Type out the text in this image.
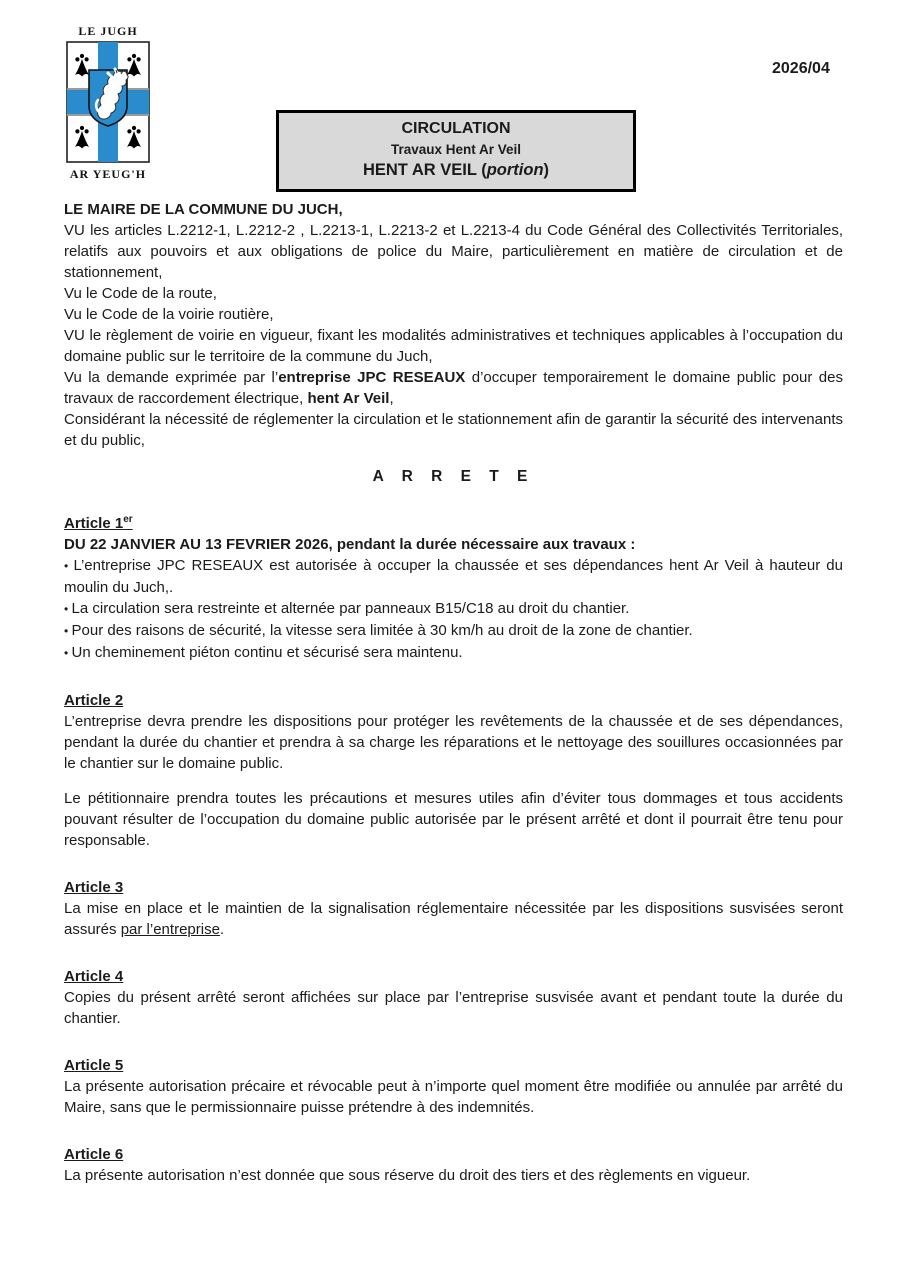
LE JUGH
AR YEUG'H
2026/04
CIRCULATION
Travaux Hent Ar Veil
HENT AR VEIL (portion)

LE MAIRE DE LA COMMUNE DU JUCH,

VU les articles L.2212-1, L.2212-2 , L.2213-1, L.2213-2 et L.2213-4 du Code Général des Collectivités Territoriales, relatifs aux pouvoirs et aux obligations de police du Maire, particulièrement en matière de circulation et de stationnement,

Vu le Code de la route,

Vu le Code de la voirie routière,

VU le règlement de voirie en vigueur, fixant les modalités administratives et techniques applicables à l’occupation du domaine public sur le territoire de la commune du Juch,

Vu la demande exprimée par l’entreprise JPC RESEAUX d’occuper temporairement le domaine public pour des travaux de raccordement électrique, hent Ar Veil,

Considérant la nécessité de réglementer la circulation et le stationnement afin de garantir la sécurité des intervenants et du public,

A R R E T E

Article 1er

DU 22 JANVIER AU 13 FEVRIER 2026, pendant la durée nécessaire aux travaux :

• L’entreprise JPC RESEAUX est autorisée à occuper la chaussée et ses dépendances hent Ar Veil à hauteur du moulin du Juch,.

• La circulation sera restreinte et alternée par panneaux B15/C18 au droit du chantier.

• Pour des raisons de sécurité, la vitesse sera limitée à 30 km/h au droit de la zone de chantier.

• Un cheminement piéton continu et sécurisé sera maintenu.

Article 2

L’entreprise devra prendre les dispositions pour protéger les revêtements de la chaussée et de ses dépendances, pendant la durée du chantier et prendra à sa charge les réparations et le nettoyage des souillures occasionnées par le chantier sur le domaine public.

Le pétitionnaire prendra toutes les précautions et mesures utiles afin d’éviter tous dommages et tous accidents pouvant résulter de l’occupation du domaine public autorisée par le présent arrêté et dont il pourrait être tenu pour responsable.

Article 3

La mise en place et le maintien de la signalisation réglementaire nécessitée par les dispositions susvisées seront assurés par l’entreprise.

Article 4

Copies du présent arrêté seront affichées sur place par l’entreprise susvisée avant et pendant toute la durée du chantier.

Article 5

La présente autorisation précaire et révocable peut à n’importe quel moment être modifiée ou annulée par arrêté du Maire, sans que le permissionnaire puisse prétendre à des indemnités.

Article 6

La présente autorisation n’est donnée que sous réserve du droit des tiers et des règlements en vigueur.
